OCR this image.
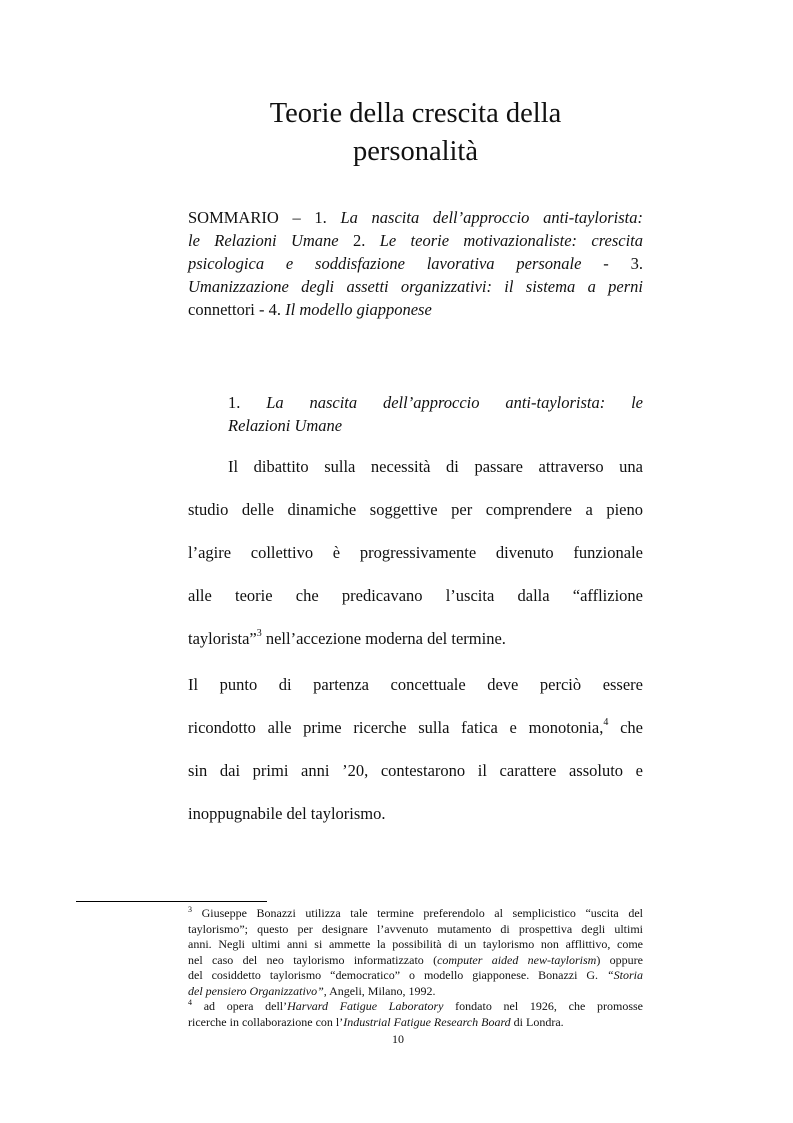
Teorie della crescita della
personalità
SOMMARIO – 1. La nascita dell’approccio anti-taylorista:
le Relazioni Umane 2. Le teorie motivazionaliste: crescita
psicologica e soddisfazione lavorativa personale - 3.
Umanizzazione degli assetti organizzativi: il sistema a perni
connettori - 4. Il modello giapponese
1. La nascita dell’approccio anti-taylorista: le
Relazioni Umane
Il dibattito sulla necessità di passare attraverso una
studio delle dinamiche soggettive per comprendere a pieno
l’agire collettivo è progressivamente divenuto funzionale
alle teorie che predicavano l’uscita dalla “afflizione
taylorista”$^3$ nell’accezione moderna del termine.
Il punto di partenza concettuale deve perciò essere
ricondotto alle prime ricerche sulla fatica e monotonia,$^4$ che
sin dai primi anni ’20, contestarono il carattere assoluto e
inoppugnabile del taylorismo.
$^3$ Giuseppe Bonazzi utilizza tale termine preferendolo al semplicistico “uscita del
taylorismo”; questo per designare l’avvenuto mutamento di prospettiva degli ultimi
anni. Negli ultimi anni si ammette la possibilità di un taylorismo non afflittivo, come
nel caso del neo taylorismo informatizzato (computer aided new-taylorism) oppure
del cosiddetto taylorismo “democratico” o modello giapponese. Bonazzi G. “Storia
del pensiero Organizzativo”, Angeli, Milano, 1992.
$^4$ ad opera dell’Harvard Fatigue Laboratory fondato nel 1926, che promosse
ricerche in collaborazione con l’Industrial Fatigue Research Board di Londra.
10
